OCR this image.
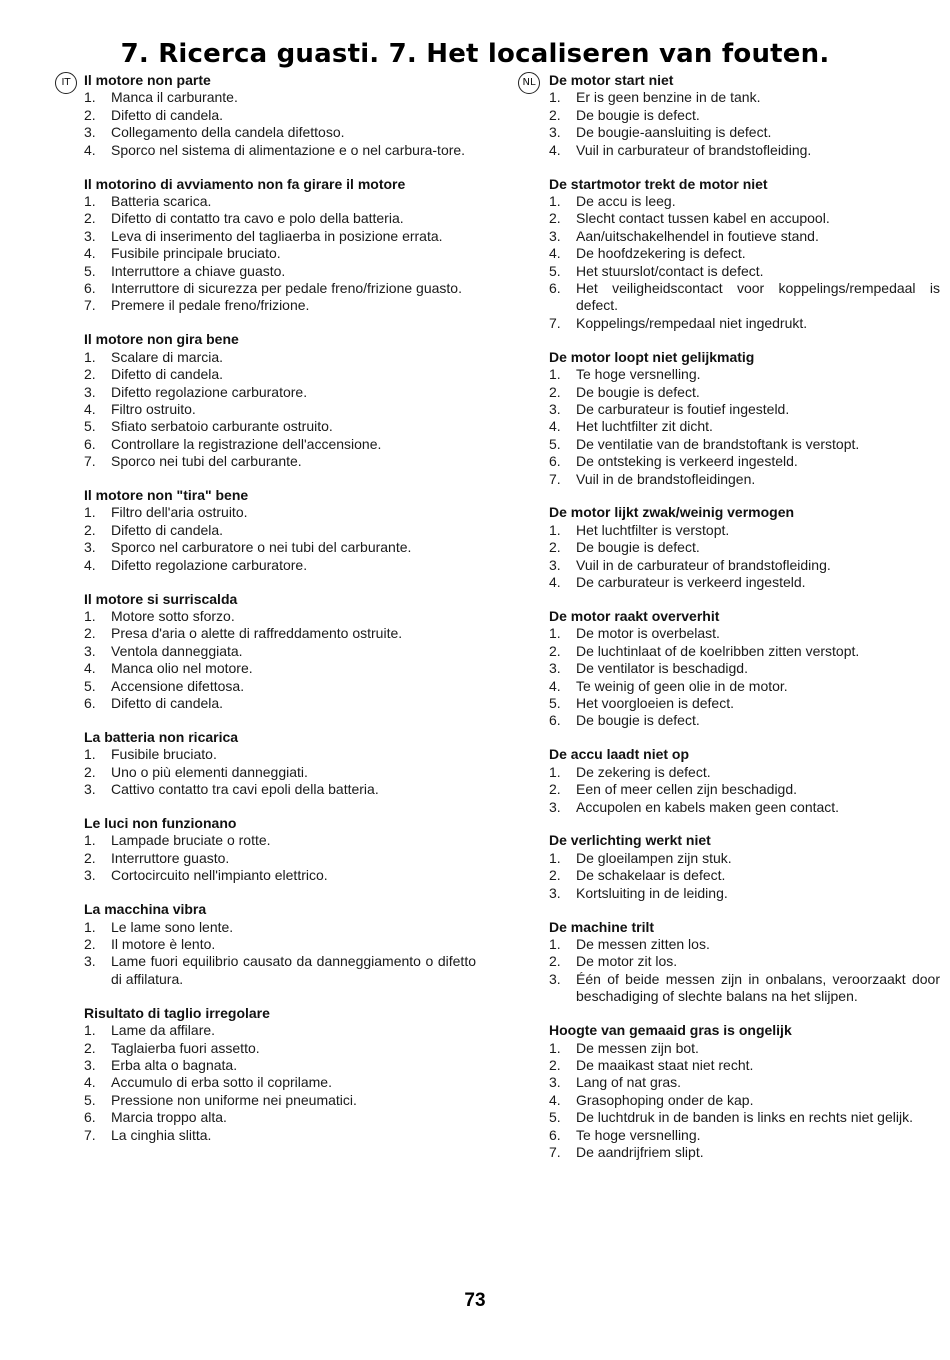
7. Ricerca guasti. 7. Het localiseren van fouten.
IT Il motore non parte
1. Manca il carburante.
2. Difetto di candela.
3. Collegamento della candela difettoso.
4. Sporco nel sistema di alimentazione e o nel carbura-tore.
Il motorino di avviamento non fa girare il motore
1. Batteria scarica.
2. Difetto di contatto tra cavo e polo della batteria.
3. Leva di inserimento del tagliaerba in posizione errata.
4. Fusibile principale bruciato.
5. Interruttore a chiave guasto.
6. Interruttore di sicurezza per pedale freno/frizione guasto.
7. Premere il pedale freno/frizione.
Il motore non gira bene
1. Scalare di marcia.
2. Difetto di candela.
3. Difetto regolazione carburatore.
4. Filtro ostruito.
5. Sfiato serbatoio carburante ostruito.
6. Controllare la registrazione dell'accensione.
7. Sporco nei tubi del carburante.
Il motore non "tira" bene
1. Filtro dell'aria ostruito.
2. Difetto di candela.
3. Sporco nel carburatore o nei tubi del carburante.
4. Difetto regolazione carburatore.
Il motore si surriscalda
1. Motore sotto sforzo.
2. Presa d'aria o alette di raffreddamento ostruite.
3. Ventola danneggiata.
4. Manca olio nel motore.
5. Accensione difettosa.
6. Difetto di candela.
La batteria non ricarica
1. Fusibile bruciato.
2. Uno o più elementi danneggiati.
3. Cattivo contatto tra cavi epoli della batteria.
Le luci non funzionano
1. Lampade bruciate o rotte.
2. Interruttore guasto.
3. Cortocircuito nell'impianto elettrico.
La macchina vibra
1. Le lame sono lente.
2. Il motore è lento.
3. Lame fuori equilibrio causato da danneggiamento o difetto di affilatura.
Risultato di taglio irregolare
1. Lame da affilare.
2. Taglaierba fuori assetto.
3. Erba alta o bagnata.
4. Accumulo di erba sotto il coprilame.
5. Pressione non uniforme nei pneumatici.
6. Marcia troppo alta.
7. La cinghia slitta.
NL De motor start niet
1. Er is geen benzine in de tank.
2. De bougie is defect.
3. De bougie-aansluiting is defect.
4. Vuil in carburateur of brandstofleiding.
De startmotor trekt de motor niet
1. De accu is leeg.
2. Slecht contact tussen kabel en accupool.
3. Aan/uitschakelhendel in foutieve stand.
4. De hoofdzekering is defect.
5. Het stuurslot/contact is defect.
6. Het veiligheidscontact voor koppelings/rempedaal is defect.
7. Koppelings/rempedaal niet ingedrukt.
De motor loopt niet gelijkmatig
1. Te hoge versnelling.
2. De bougie is defect.
3. De carburateur is foutief ingesteld.
4. Het luchtfilter zit dicht.
5. De ventilatie van de brandstoftank is verstopt.
6. De ontsteking is verkeerd ingesteld.
7. Vuil in de brandstofleidingen.
De motor lijkt zwak/weinig vermogen
1. Het luchtfilter is verstopt.
2. De bougie is defect.
3. Vuil in de carburateur of brandstofleiding.
4. De carburateur is verkeerd ingesteld.
De motor raakt oververhit
1. De motor is overbelast.
2. De luchtinlaat of de koelribben zitten verstopt.
3. De ventilator is beschadigd.
4. Te weinig of geen olie in de motor.
5. Het voorgloeien is defect.
6. De bougie is defect.
De accu laadt niet op
1. De zekering is defect.
2. Een of meer cellen zijn beschadigd.
3. Accupolen en kabels maken geen contact.
De verlichting werkt niet
1. De gloeilampen zijn stuk.
2. De schakelaar is defect.
3. Kortsluiting in de leiding.
De machine trilt
1. De messen zitten los.
2. De motor zit los.
3. Één of beide messen zijn in onbalans, veroorzaakt door beschadiging of slechte balans na het slijpen.
Hoogte van gemaaid gras is ongelijk
1. De messen zijn bot.
2. De maaikast staat niet recht.
3. Lang of nat gras.
4. Grasophoping onder de kap.
5. De luchtdruk in de banden is links en rechts niet gelijk.
6. Te hoge versnelling.
7. De aandrijfriem slipt.
73
